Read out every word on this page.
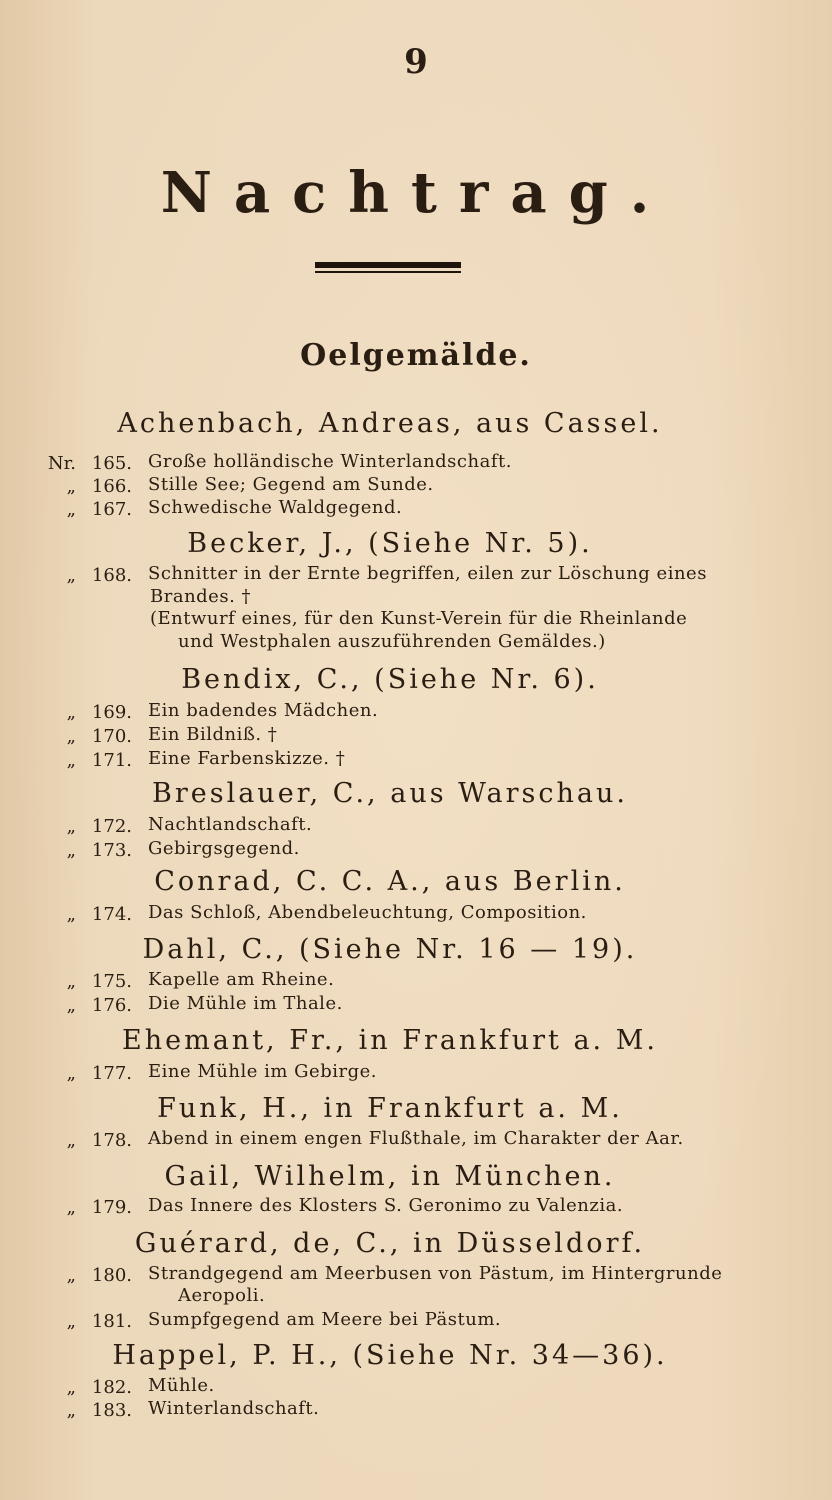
9
Nachtrag.
Oelgemälde.
Achenbach, Andreas, aus Cassel.
Nr. 165. Große holländische Winterlandschaft.
„ 166. Stille See; Gegend am Sunde.
„ 167. Schwedische Waldgegend.
Becker, J., (Siehe Nr. 5).
„ 168. Schnitter in der Ernte begriffen, eilen zur Löschung eines
Brandes. †
(Entwurf eines, für den Kunst-Verein für die Rheinlande
und Westphalen auszuführenden Gemäldes.)
Bendix, C., (Siehe Nr. 6).
„ 169. Ein badendes Mädchen.
„ 170. Ein Bildniß. †
„ 171. Eine Farbenskizze. †
Breslauer, C., aus Warschau.
„ 172. Nachtlandschaft.
„ 173. Gebirgsgegend.
Conrad, C. C. A., aus Berlin.
„ 174. Das Schloß, Abendbeleuchtung, Composition.
Dahl, C., (Siehe Nr. 16 — 19).
„ 175. Kapelle am Rheine.
„ 176. Die Mühle im Thale.
Ehemant, Fr., in Frankfurt a. M.
„ 177. Eine Mühle im Gebirge.
Funk, H., in Frankfurt a. M.
„ 178. Abend in einem engen Flußthale, im Charakter der Aar.
Gail, Wilhelm, in München.
„ 179. Das Innere des Klosters S. Geronimo zu Valenzia.
Guérard, de, C., in Düsseldorf.
„ 180. Strandgegend am Meerbusen von Pästum, im Hintergrunde
Aeropoli.
„ 181. Sumpfgegend am Meere bei Pästum.
Happel, P. H., (Siehe Nr. 34—36).
„ 182. Mühle.
„ 183. Winterlandschaft.
